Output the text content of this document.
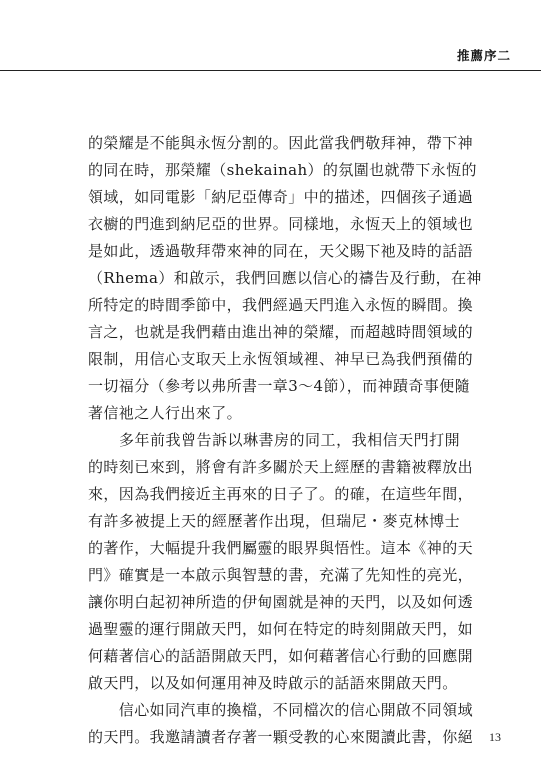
推薦序二
的榮耀是不能與永恆分割的。因此當我們敬拜神，帶下神
的同在時，那榮耀（shekainah）的氛圍也就帶下永恆的
領域，如同電影「納尼亞傳奇」中的描述，四個孩子通過
衣櫥的門進到納尼亞的世界。同樣地，永恆天上的領域也
是如此，透過敬拜帶來神的同在，天父賜下祂及時的話語
（Rhema）和啟示，我們回應以信心的禱告及行動，在神
所特定的時間季節中，我們經過天門進入永恆的瞬間。換
言之，也就是我們藉由進出神的榮耀，而超越時間領域的
限制，用信心支取天上永恆領域裡、神早已為我們預備的
一切福分（參考以弗所書一章3～4節），而神蹟奇事便隨
著信祂之人行出來了。
　　多年前我曾告訴以琳書房的同工，我相信天門打開
的時刻已來到，將會有許多關於天上經歷的書籍被釋放出
來，因為我們接近主再來的日子了。的確，在這些年間，
有許多被提上天的經歷著作出現，但瑞尼・麥克林博士
的著作，大幅提升我們屬靈的眼界與悟性。這本《神的天
門》確實是一本啟示與智慧的書，充滿了先知性的亮光，
讓你明白起初神所造的伊甸園就是神的天門，以及如何透
過聖靈的運行開啟天門，如何在特定的時刻開啟天門，如
何藉著信心的話語開啟天門，如何藉著信心行動的回應開
啟天門，以及如何運用神及時啟示的話語來開啟天門。
　　信心如同汽車的換檔，不同檔次的信心開啟不同領域
的天門。我邀請讀者存著一顆受教的心來閱讀此書，你絕 13
